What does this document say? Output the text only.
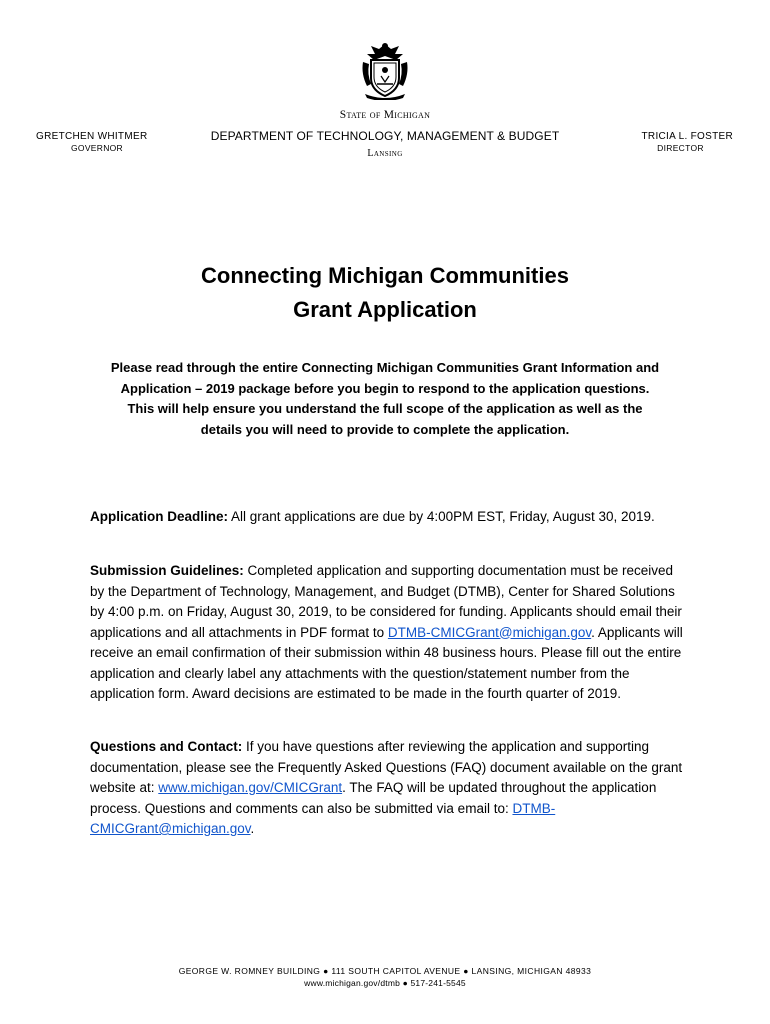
State of Michigan
GRETCHEN WHITMER
GOVERNOR
DEPARTMENT OF TECHNOLOGY, MANAGEMENT & BUDGET
Lansing
TRICIA L. FOSTER
DIRECTOR
Connecting Michigan Communities
Grant Application

Please read through the entire Connecting Michigan Communities Grant Information and Application – 2019 package before you begin to respond to the application questions. This will help ensure you understand the full scope of the application as well as the details you will need to provide to complete the application.

Application Deadline: All grant applications are due by 4:00PM EST, Friday, August 30, 2019.

Submission Guidelines: Completed application and supporting documentation must be received by the Department of Technology, Management, and Budget (DTMB), Center for Shared Solutions by 4:00 p.m. on Friday, August 30, 2019, to be considered for funding. Applicants should email their applications and all attachments in PDF format to DTMB-CMICGrant@michigan.gov. Applicants will receive an email confirmation of their submission within 48 business hours. Please fill out the entire application and clearly label any attachments with the question/statement number from the application form. Award decisions are estimated to be made in the fourth quarter of 2019.

Questions and Contact: If you have questions after reviewing the application and supporting documentation, please see the Frequently Asked Questions (FAQ) document available on the grant website at: www.michigan.gov/CMICGrant. The FAQ will be updated throughout the application process. Questions and comments can also be submitted via email to: DTMB-CMICGrant@michigan.gov.

GEORGE W. ROMNEY BUILDING ● 111 SOUTH CAPITOL AVENUE ● LANSING, MICHIGAN 48933
www.michigan.gov/dtmb ● 517-241-5545
